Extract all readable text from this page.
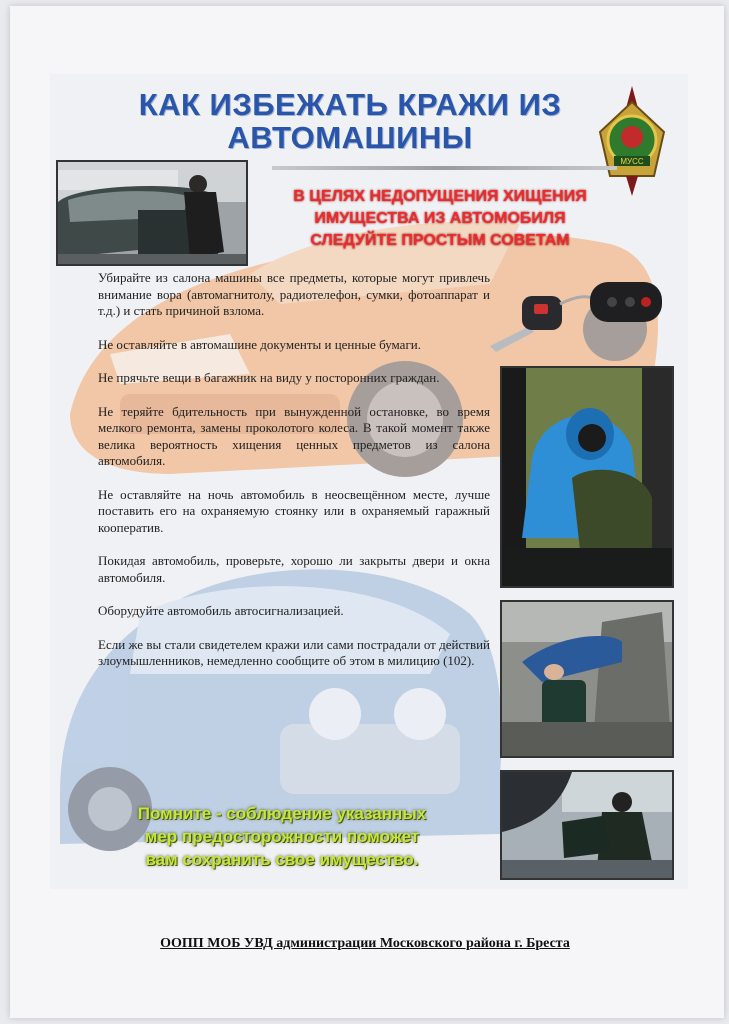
КАК ИЗБЕЖАТЬ КРАЖИ ИЗ
АВТОМАШИНЫ
МУСС
В ЦЕЛЯХ НЕДОПУЩЕНИЯ ХИЩЕНИЯ
ИМУЩЕСТВА ИЗ АВТОМОБИЛЯ
СЛЕДУЙТЕ ПРОСТЫМ СОВЕТАМ

Убирайте из салона машины все предметы, которые могут привлечь внимание вора (автомагнитолу, радиотелефон, сумки, фотоаппарат и т.д.) и стать причиной взлома.

Не оставляйте в автомашине документы и ценные бумаги.

Не прячьте вещи в багажник на виду у посторонних граждан.

Не теряйте бдительность при вынужденной остановке, во время мелкого ремонта, замены проколотого колеса. В такой момент также велика вероятность хищения ценных предметов из салона автомобиля.

Не оставляйте на ночь автомобиль в неосвещённом месте, лучше поставить его на охраняемую стоянку или в охраняемый гаражный кооператив.

Покидая автомобиль, проверьте, хорошо ли закрыты двери и окна автомобиля.

Оборудуйте автомобиль автосигнализацией.

Если же вы стали свидетелем кражи или сами пострадали от действий злоумышленников, немедленно сообщите об этом в милицию (102).

Помните - соблюдение указанных
мер предосторожности поможет
вам сохранить свое имущество.
ООПП МОБ УВД администрации Московского района г. Бреста
